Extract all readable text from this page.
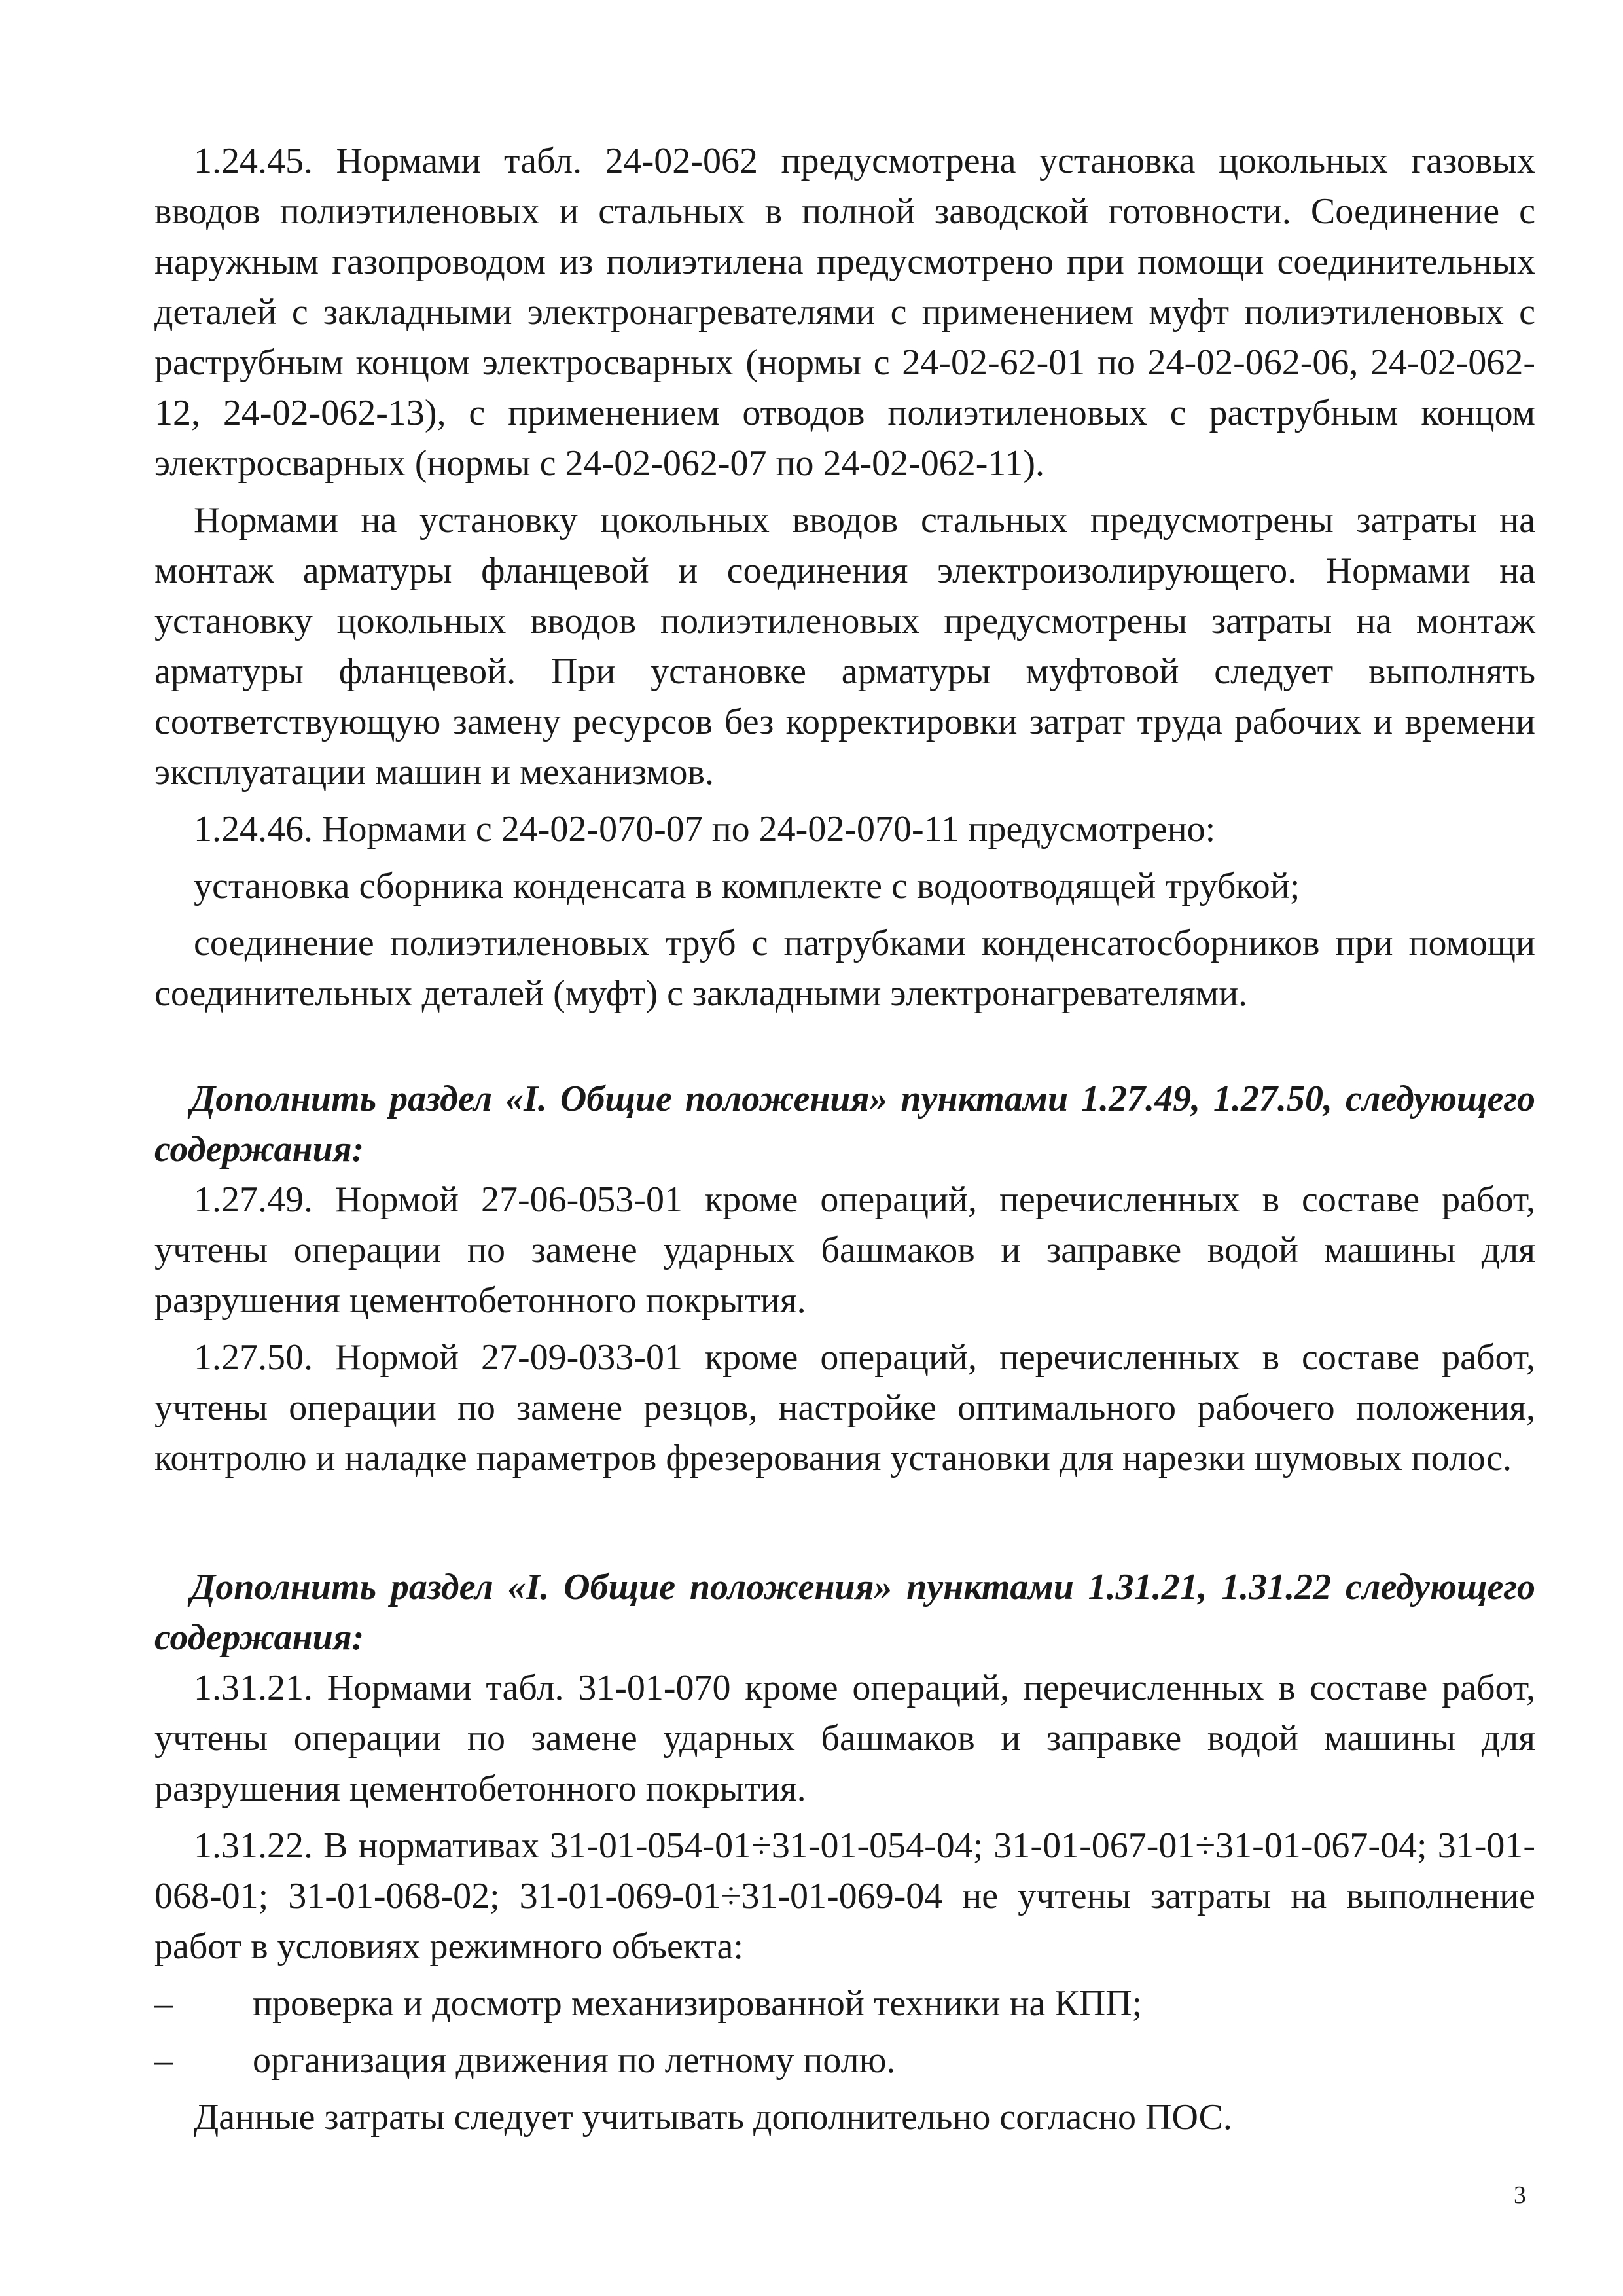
1.24.45. Нормами табл. 24-02-062 предусмотрена установка цокольных газовых вводов полиэтиленовых и стальных в полной заводской готовности. Соединение с наружным газопроводом из полиэтилена предусмотрено при помощи соединительных деталей с закладными электронагревателями с применением муфт полиэтиленовых с раструбным концом электросварных (нормы с 24-02-62-01 по 24-02-062-06, 24-02-062-12, 24-02-062-13), с применением отводов полиэтиленовых с раструбным концом электросварных (нормы с 24-02-062-07 по 24-02-062-11).

Нормами на установку цокольных вводов стальных предусмотрены затраты на монтаж арматуры фланцевой и соединения электроизолирующего. Нормами на установку цокольных вводов полиэтиленовых предусмотрены затраты на монтаж арматуры фланцевой. При установке арматуры муфтовой следует выполнять соответствующую замену ресурсов без корректировки затрат труда рабочих и времени эксплуатации машин и механизмов.

1.24.46. Нормами с 24-02-070-07 по 24-02-070-11 предусмотрено:

установка сборника конденсата в комплекте с водоотводящей трубкой;

соединение полиэтиленовых труб с патрубками конденсатосборников при помощи соединительных деталей (муфт) с закладными электронагревателями.

Дополнить раздел «I. Общие положения» пунктами 1.27.49, 1.27.50, следующего содержания:

1.27.49. Нормой 27-06-053-01 кроме операций, перечисленных в составе работ, учтены операции по замене ударных башмаков и заправке водой машины для разрушения цементобетонного покрытия.

1.27.50. Нормой 27-09-033-01 кроме операций, перечисленных в составе работ, учтены операции по замене резцов, настройке оптимального рабочего положения, контролю и наладке параметров фрезерования установки для нарезки шумовых полос.

Дополнить раздел «I. Общие положения» пунктами 1.31.21, 1.31.22 следующего содержания:

1.31.21. Нормами табл. 31-01-070 кроме операций, перечисленных в составе работ, учтены операции по замене ударных башмаков и заправке водой машины для разрушения цементобетонного покрытия.

1.31.22. В нормативах 31-01-054-01÷31-01-054-04; 31-01-067-01÷31-01-067-04; 31-01-068-01; 31-01-068-02; 31-01-069-01÷31-01-069-04 не учтены затраты на выполнение работ в условиях режимного объекта:

– проверка и досмотр механизированной техники на КПП;
– организация движения по летному полю.

Данные затраты следует учитывать дополнительно согласно ПОС.

3
